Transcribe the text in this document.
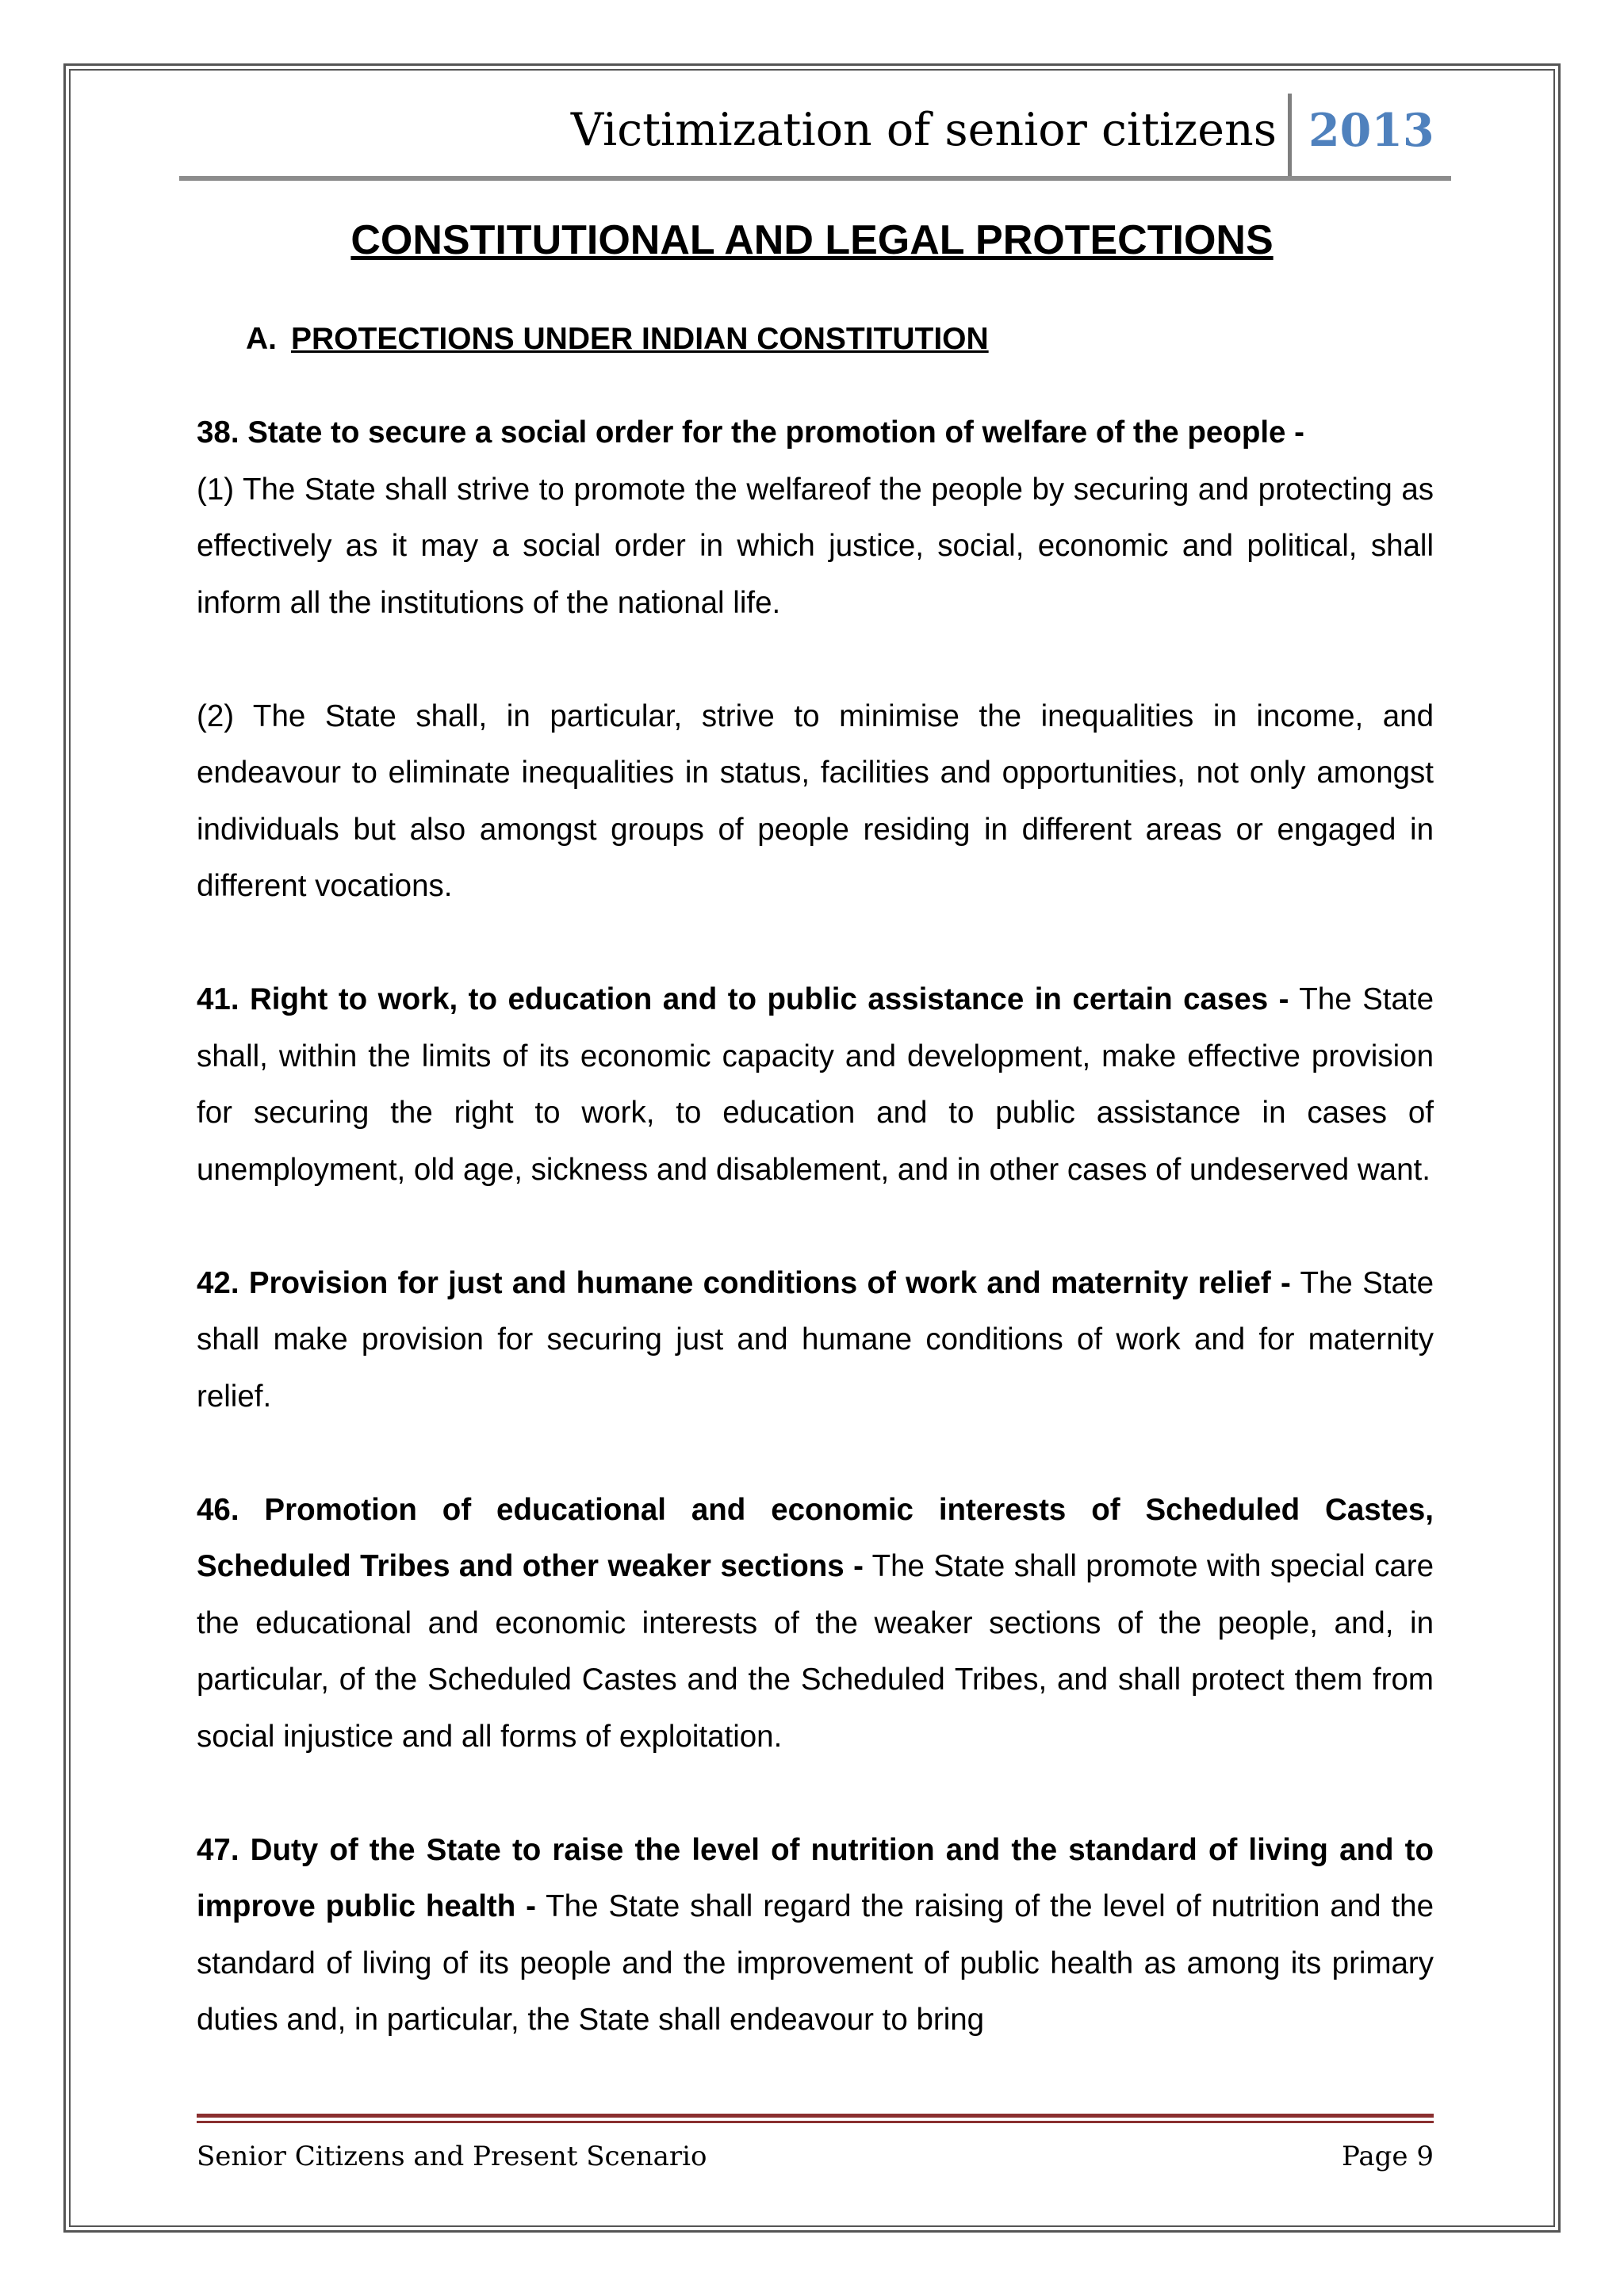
Victimization of senior citizens 2013
CONSTITUTIONAL AND LEGAL PROTECTIONS
A. PROTECTIONS UNDER INDIAN CONSTITUTION

38. State to secure a social order for the promotion of welfare of the people -
(1) The State shall strive to promote the welfareof the people by securing and protecting as effectively as it may a social order in which justice, social, economic and political, shall inform all the institutions of the national life.

(2) The State shall, in particular, strive to minimise the inequalities in income, and endeavour to eliminate inequalities in status, facilities and opportunities, not only amongst individuals but also amongst groups of people residing in different areas or engaged in different vocations.

41. Right to work, to education and to public assistance in certain cases - The State shall, within the limits of its economic capacity and development, make effective provision for securing the right to work, to education and to public assistance in cases of unemployment, old age, sickness and disablement, and in other cases of undeserved want.

42. Provision for just and humane conditions of work and maternity relief - The State shall make provision for securing just and humane conditions of work and for maternity relief.

46. Promotion of educational and economic interests of Scheduled Castes, Scheduled Tribes and other weaker sections - The State shall promote with special care the educational and economic interests of the weaker sections of the people, and, in particular, of the Scheduled Castes and the Scheduled Tribes, and shall protect them from social injustice and all forms of exploitation.

47. Duty of the State to raise the level of nutrition and the standard of living and to improve public health - The State shall regard the raising of the level of nutrition and the standard of living of its people and the improvement of public health as among its primary duties and, in particular, the State shall endeavour to bring

Senior Citizens and Present Scenario	Page 9
